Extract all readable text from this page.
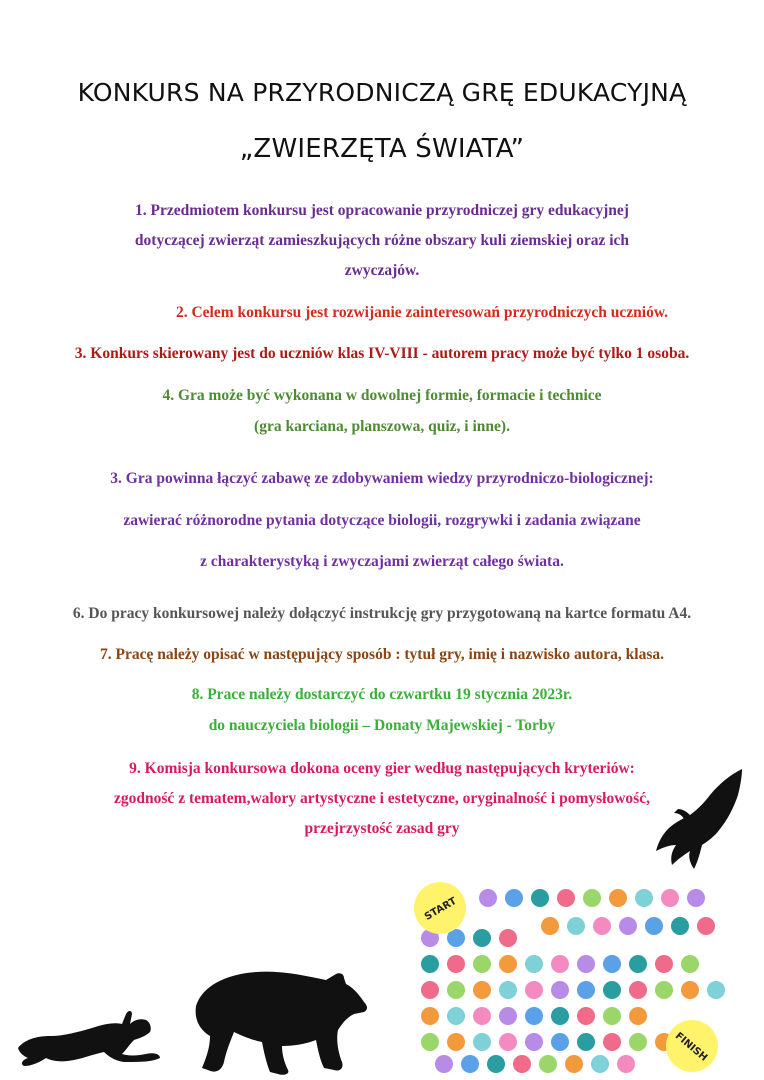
KONKURS NA PRZYRODNICZĄ GRĘ EDUKACYJNĄ
„ZWIERZĘTA ŚWIATA”
1. Przedmiotem konkursu jest opracowanie przyrodniczej gry edukacyjnej
dotyczącej zwierząt zamieszkujących różne obszary kuli ziemskiej oraz ich
zwyczajów.
2. Celem konkursu jest rozwijanie zainteresowań przyrodniczych uczniów.
3. Konkurs skierowany jest do uczniów klas IV-VIII - autorem pracy może być tylko 1 osoba.
4. Gra może być wykonana w dowolnej formie, formacie i technice
(gra karciana, planszowa, quiz, i inne).
3. Gra powinna łączyć zabawę ze zdobywaniem wiedzy przyrodniczo-biologicznej:
zawierać różnorodne pytania dotyczące biologii, rozgrywki i zadania związane
z charakterystyką i zwyczajami zwierząt całego świata.
6. Do pracy konkursowej należy dołączyć instrukcję gry przygotowaną na kartce formatu A4.
7. Pracę należy opisać w następujący sposób : tytuł gry, imię i nazwisko autora, klasa.
8. Prace należy dostarczyć do czwartku 19 stycznia 2023r.
do nauczyciela biologii – Donaty Majewskiej - Torby
9. Komisja konkursowa dokona oceny gier według następujących kryteriów:
zgodność z tematem,walory artystyczne i estetyczne, oryginalność i pomysłowość,
przejrzystość zasad gry
START
FINISH
